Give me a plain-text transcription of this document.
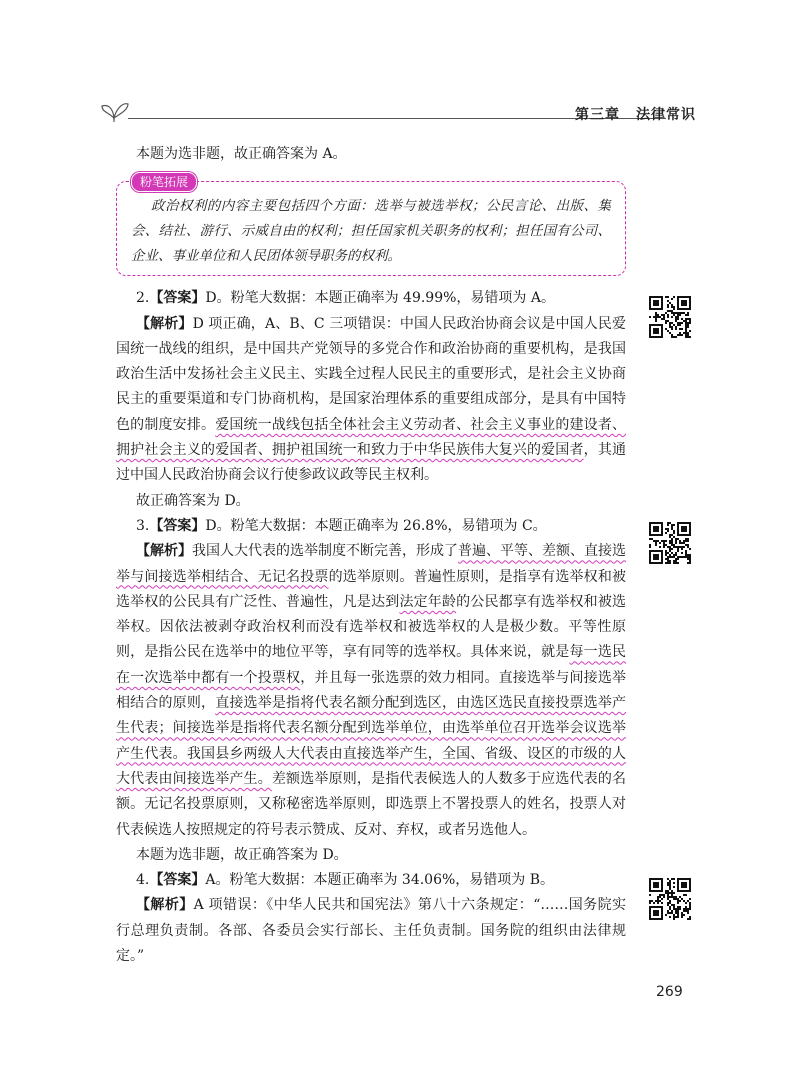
第三章 法律常识

本题为选非题，故正确答案为 A。

粉笔拓展

政治权利的内容主要包括四个方面：选举与被选举权；公民言论、出版、集会、结社、游行、示威自由的权利；担任国家机关职务的权利；担任国有公司、企业、事业单位和人民团体领导职务的权利。

2.【答案】D。粉笔大数据：本题正确率为 49.99%，易错项为 A。

【解析】D 项正确，A、B、C 三项错误：中国人民政治协商会议是中国人民爱国统一战线的组织，是中国共产党领导的多党合作和政治协商的重要机构，是我国政治生活中发扬社会主义民主、实践全过程人民民主的重要形式，是社会主义协商民主的重要渠道和专门协商机构，是国家治理体系的重要组成部分，是具有中国特色的制度安排。爱国统一战线包括全体社会主义劳动者、社会主义事业的建设者、拥护社会主义的爱国者、拥护祖国统一和致力于中华民族伟大复兴的爱国者，其通过中国人民政治协商会议行使参政议政等民主权利。

故正确答案为 D。

3.【答案】D。粉笔大数据：本题正确率为 26.8%，易错项为 C。

【解析】我国人大代表的选举制度不断完善，形成了普遍、平等、差额、直接选举与间接选举相结合、无记名投票的选举原则。普遍性原则，是指享有选举权和被选举权的公民具有广泛性、普遍性，凡是达到法定年龄的公民都享有选举权和被选举权。因依法被剥夺政治权利而没有选举权和被选举权的人是极少数。平等性原则，是指公民在选举中的地位平等，享有同等的选举权。具体来说，就是每一选民在一次选举中都有一个投票权，并且每一张选票的效力相同。直接选举与间接选举相结合的原则，直接选举是指将代表名额分配到选区，由选区选民直接投票选举产生代表；间接选举是指将代表名额分配到选举单位，由选举单位召开选举会议选举产生代表。我国县乡两级人大代表由直接选举产生，全国、省级、设区的市级的人大代表由间接选举产生。差额选举原则，是指代表候选人的人数多于应选代表的名额。无记名投票原则，又称秘密选举原则，即选票上不署投票人的姓名，投票人对代表候选人按照规定的符号表示赞成、反对、弃权，或者另选他人。

本题为选非题，故正确答案为 D。

4.【答案】A。粉笔大数据：本题正确率为 34.06%，易错项为 B。

【解析】A 项错误：《中华人民共和国宪法》第八十六条规定：“……国务院实行总理负责制。各部、各委员会实行部长、主任负责制。国务院的组织由法律规定。”

269
